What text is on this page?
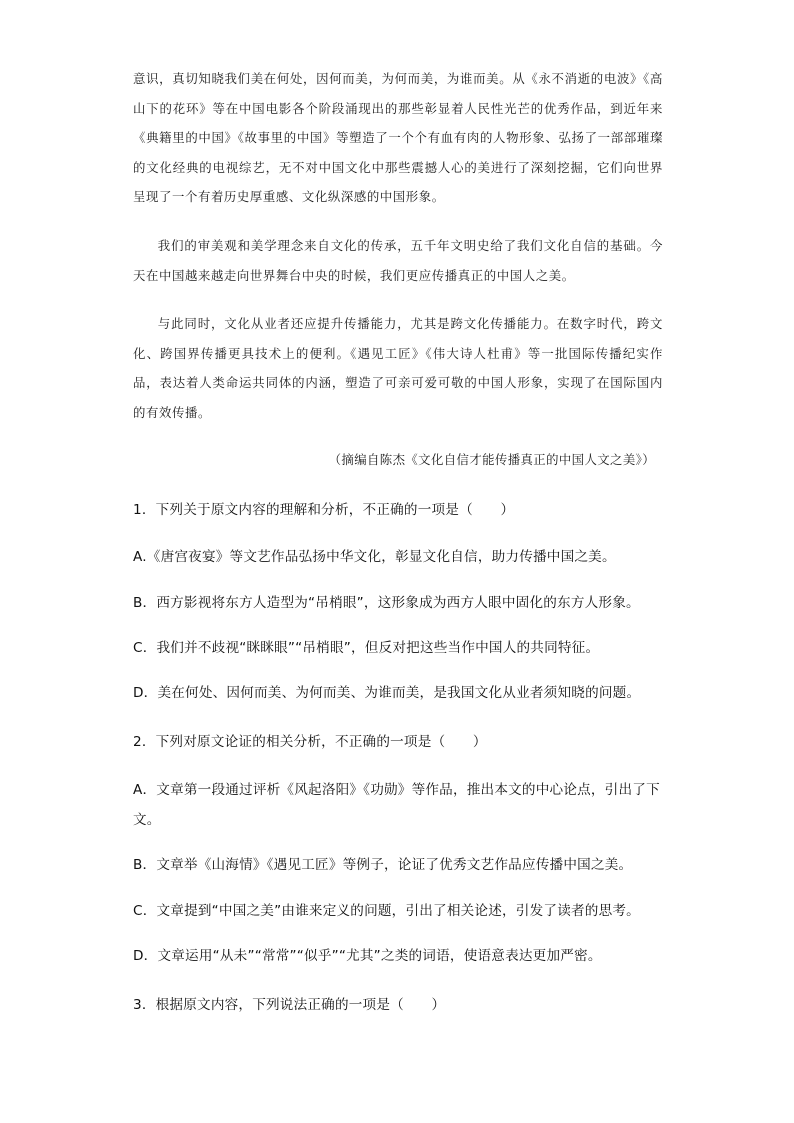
意识，真切知晓我们美在何处，因何而美，为何而美，为谁而美。从《永不消逝的电波》《高山下的花环》等在中国电影各个阶段涌现出的那些彰显着人民性光芒的优秀作品，到近年来《典籍里的中国》《故事里的中国》等塑造了一个个有血有肉的人物形象、弘扬了一部部璀璨的文化经典的电视综艺，无不对中国文化中那些震撼人心的美进行了深刻挖掘，它们向世界呈现了一个有着历史厚重感、文化纵深感的中国形象。

我们的审美观和美学理念来自文化的传承，五千年文明史给了我们文化自信的基础。今天在中国越来越走向世界舞台中央的时候，我们更应传播真正的中国人之美。

与此同时，文化从业者还应提升传播能力，尤其是跨文化传播能力。在数字时代，跨文化、跨国界传播更具技术上的便利。《遇见工匠》《伟大诗人杜甫》等一批国际传播纪实作品，表达着人类命运共同体的内涵，塑造了可亲可爱可敬的中国人形象，实现了在国际国内的有效传播。

（摘编自陈杰《文化自信才能传播真正的中国人文之美》）
1．下列关于原文内容的理解和分析，不正确的一项是（　　）
A.《唐宫夜宴》等文艺作品弘扬中华文化，彰显文化自信，助力传播中国之美。
B．西方影视将东方人造型为“吊梢眼”，这形象成为西方人眼中固化的东方人形象。
C．我们并不歧视“眯眯眼”“吊梢眼”，但反对把这些当作中国人的共同特征。
D．美在何处、因何而美、为何而美、为谁而美，是我国文化从业者须知晓的问题。
2．下列对原文论证的相关分析，不正确的一项是（　　）
A．文章第一段通过评析《风起洛阳》《功勋》等作品，推出本文的中心论点，引出了下文。
B．文章举《山海情》《遇见工匠》等例子，论证了优秀文艺作品应传播中国之美。
C．文章提到“中国之美”由谁来定义的问题，引出了相关论述，引发了读者的思考。
D．文章运用“从未”“常常”“似乎”“尤其”之类的词语，使语意表达更加严密。
3．根据原文内容，下列说法正确的一项是（　　）
